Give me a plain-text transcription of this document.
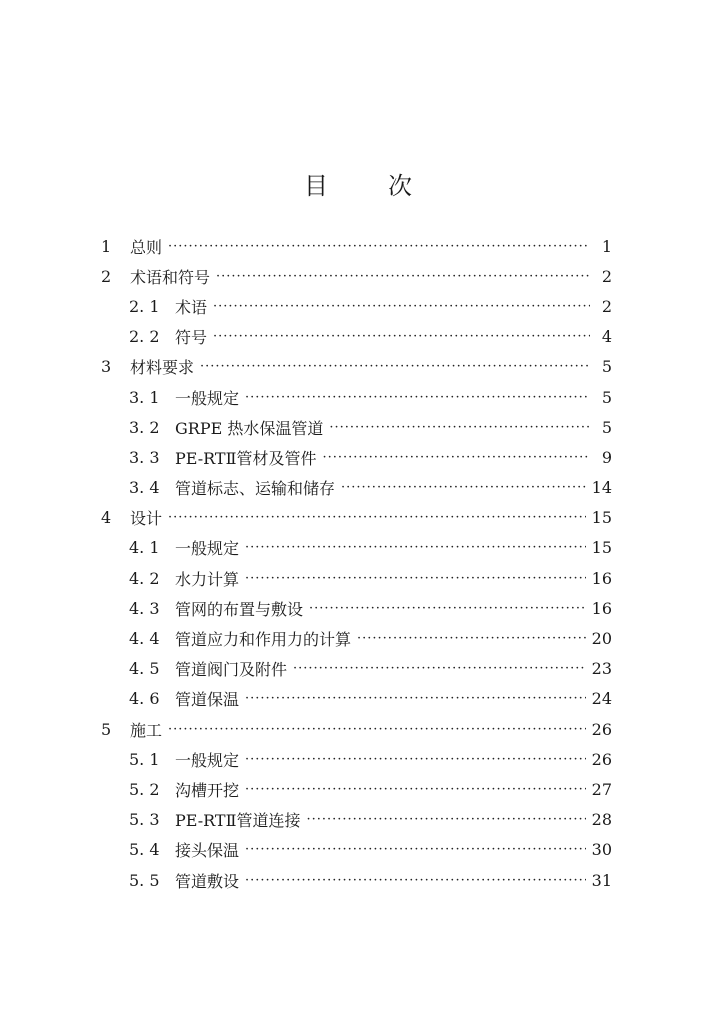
目	次
1	总则 ·····	1
2	术语和符号 ·····	2
2. 1 术语 ·····	2
2. 2 符号 ·····	4
3	材料要求 ·····	5
3. 1 一般规定 ·····	5
3. 2 GRPE 热水保温管道 ·····	5
3. 3 PE-RTⅡ管材及管件 ·····	9
3. 4 管道标志、运输和储存 ·····	14
4	设计 ·····	15
4. 1 一般规定 ·····	15
4. 2 水力计算 ·····	16
4. 3 管网的布置与敷设 ·····	16
4. 4 管道应力和作用力的计算 ·····	20
4. 5 管道阀门及附件 ·····	23
4. 6 管道保温 ·····	24
5	施工 ·····	26
5. 1 一般规定 ·····	26
5. 2 沟槽开挖 ·····	27
5. 3 PE-RTⅡ管道连接 ·····	28
5. 4 接头保温 ·····	30
5. 5 管道敷设 ·····	31
